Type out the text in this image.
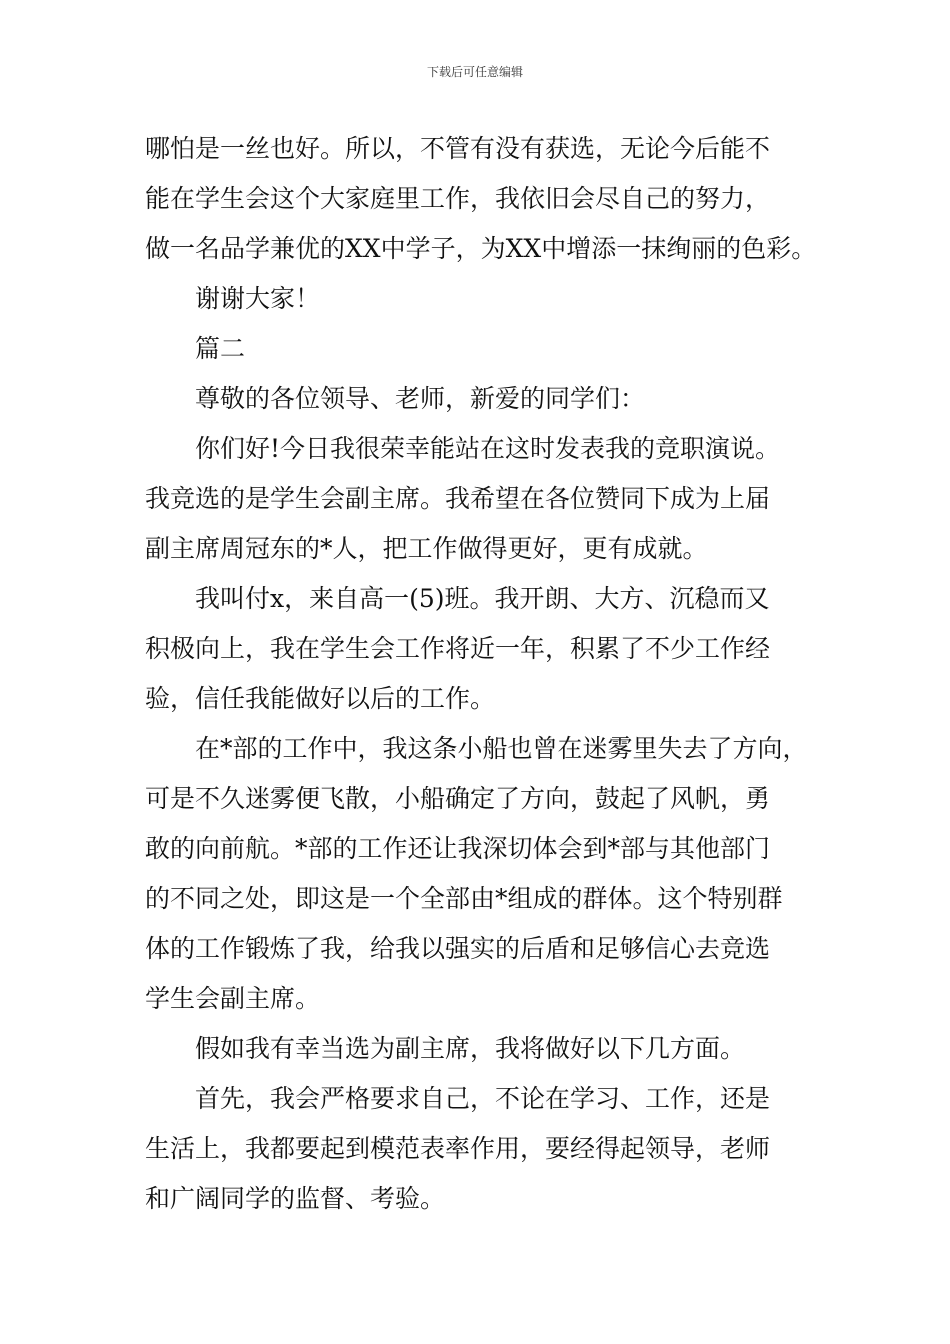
下载后可任意编辑
哪怕是一丝也好。所以，不管有没有获选，无论今后能不
能在学生会这个大家庭里工作，我依旧会尽自己的努力，
做一名品学兼优的XX中学子，为XX中增添一抹绚丽的色彩。
谢谢大家！
篇二
尊敬的各位领导、老师，新爱的同学们：
你们好!今日我很荣幸能站在这时发表我的竞职演说。
我竞选的是学生会副主席。我希望在各位赞同下成为上届
副主席周冠东的*人，把工作做得更好，更有成就。
我叫付x，来自高一(5)班。我开朗、大方、沉稳而又
积极向上，我在学生会工作将近一年，积累了不少工作经
验，信任我能做好以后的工作。
在*部的工作中，我这条小船也曾在迷雾里失去了方向，
可是不久迷雾便飞散，小船确定了方向，鼓起了风帆，勇
敢的向前航。*部的工作还让我深切体会到*部与其他部门
的不同之处，即这是一个全部由*组成的群体。这个特别群
体的工作锻炼了我，给我以强实的后盾和足够信心去竞选
学生会副主席。
假如我有幸当选为副主席，我将做好以下几方面。
首先，我会严格要求自己，不论在学习、工作，还是
生活上，我都要起到模范表率作用，要经得起领导，老师
和广阔同学的监督、考验。
